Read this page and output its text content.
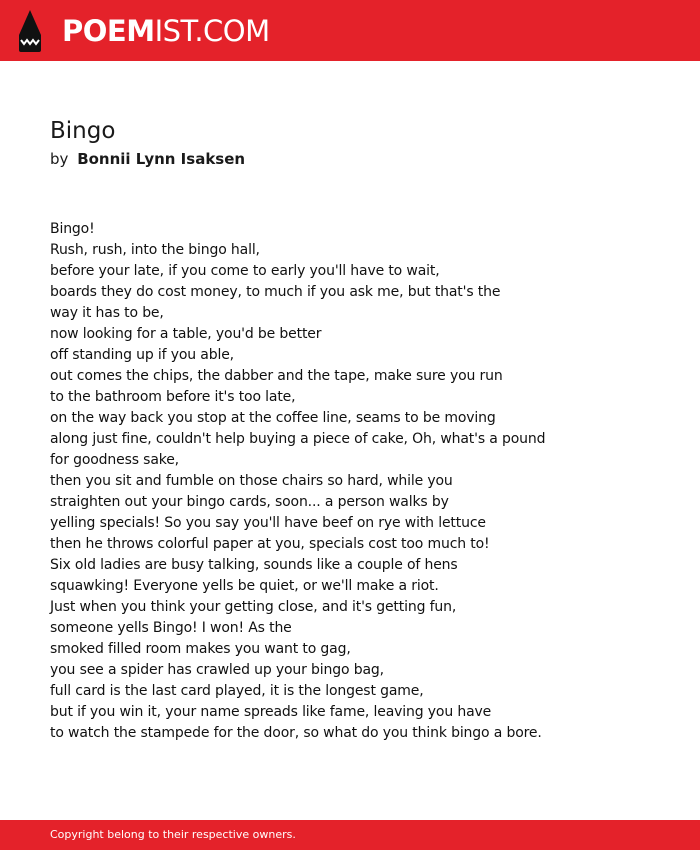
POEMIST.COM
Bingo
by Bonnii Lynn Isaksen
Bingo!
Rush, rush, into the bingo hall,
before your late, if you come to early you'll have to wait,
boards they do cost money, to much if you ask me, but that's the
way it has to be,
now looking for a table, you'd be better
off standing up if you able,
out comes the chips, the dabber and the tape, make sure you run
to the bathroom before it's too late,
on the way back you stop at the coffee line, seams to be moving
along just fine, couldn't help buying a piece of cake, Oh, what's a pound
for goodness sake,
then you sit and fumble on those chairs so hard, while you
straighten out your bingo cards, soon... a person walks by
yelling specials! So you say you'll have beef on rye with lettuce
then he throws colorful paper at you, specials cost too much to!
Six old ladies are busy talking, sounds like a couple of hens
squawking! Everyone yells be quiet, or we'll make a riot.
Just when you think your getting close, and it's getting fun,
someone yells Bingo! I won! As the
smoked filled room makes you want to gag,
you see a spider has crawled up your bingo bag,
full card is the last card played, it is the longest game,
but if you win it, your name spreads like fame, leaving you have
to watch the stampede for the door, so what do you think bingo a bore.
Copyright belong to their respective owners.
